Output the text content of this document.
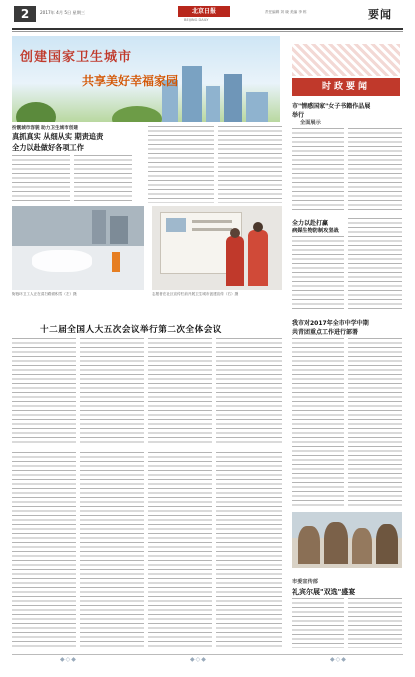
2	2017年 4月 5日 星期三	北京日报
BEIJING DAILY
责任编辑 刘 晓 美编 李 栋	要闻
创建国家卫生城市
共享美好幸福家园
扮靓城市容貌 助力卫生城市创建
真抓真实 从细从实 期责追责
全力以赴做好各项工作
街巷环卫工人正在清扫路面积雪（左）摄	志愿者在社区宣传栏前开展卫生城市创建宣传（右）摄
十二届全国人大五次会议举行第二次全体会议
时政要闻
市"情感国家"女子书籍作品展
举行
全面展示
全力以赴打赢
病媒生物防制攻坚战
我市对2017年全市中学中期
共青团重点工作进行部署
市委宣传部
礼宾尔展"双选"盛宴
◆◇◆	◆◇◆	◆◇◆
